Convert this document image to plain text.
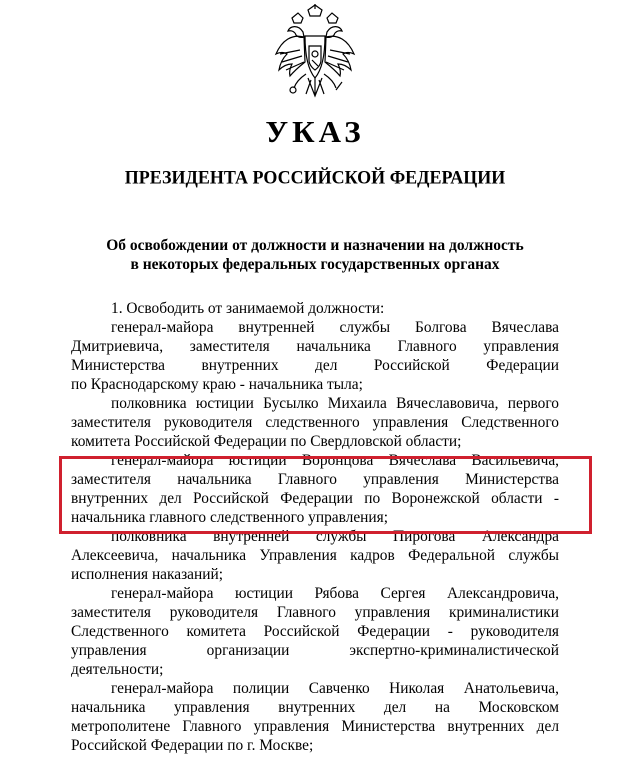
УКАЗ
ПРЕЗИДЕНТА РОССИЙСКОЙ ФЕДЕРАЦИИ
Об освобождении от должности и назначении на должность
в некоторых федеральных государственных органах
1. Освободить от занимаемой должности:
генерал-майора внутренней службы Болгова Вячеслава
Дмитриевича, заместителя начальника Главного управления
Министерства внутренних дел Российской Федерации
по Краснодарскому краю - начальника тыла;
полковника юстиции Бусылко Михаила Вячеславовича, первого
заместителя руководителя следственного управления Следственного
комитета Российской Федерации по Свердловской области;
генерал-майора юстиции Воронцова Вячеслава Васильевича,
заместителя начальника Главного управления Министерства
внутренних дел Российской Федерации по Воронежской области -
начальника главного следственного управления;
полковника внутренней службы Пирогова Александра
Алексеевича, начальника Управления кадров Федеральной службы
исполнения наказаний;
генерал-майора юстиции Рябова Сергея Александровича,
заместителя руководителя Главного управления криминалистики
Следственного комитета Российской Федерации - руководителя
управления организации экспертно-криминалистической
деятельности;
генерал-майора полиции Савченко Николая Анатольевича,
начальника управления внутренних дел на Московском
метрополитене Главного управления Министерства внутренних дел
Российской Федерации по г. Москве;
